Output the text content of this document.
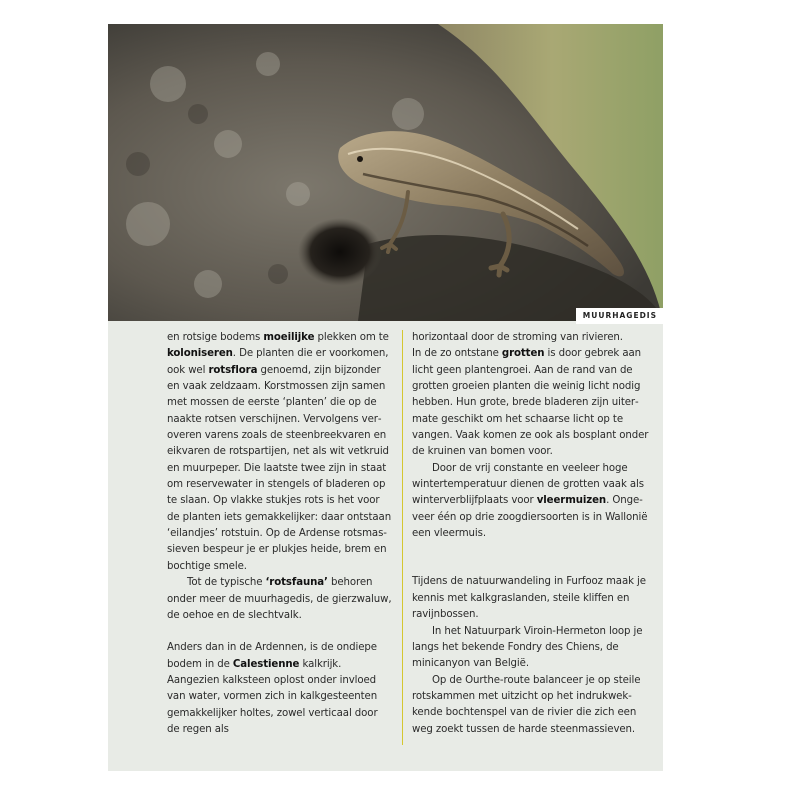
MUURHAGEDIS

en rotsige bodems moeilijke plekken om te koloniseren. De planten die er voorkomen, ook wel rotsflora genoemd, zijn bijzonder en vaak zeldzaam. Korstmossen zijn samen met mossen de eerste ‘planten’ die op de naakte rotsen verschijnen. Vervolgens veroveren varens zoals de steenbreekvaren en eikvaren de rotspartijen, net als wit vetkruid en muurpeper. Die laatste twee zijn in staat om reservewater in stengels of bladeren op te slaan. Op vlakke stukjes rots is het voor de planten iets gemakkelijker: daar ontstaan ‘eilandjes’ rotstuin. Op de Ardense rotsmassieven bespeur je er plukjes heide, brem en bochtige smele.

Tot de typische ‘rotsfauna’ behoren onder meer de muurhagedis, de gierzwaluw, de oehoe en de slechtvalk.

Anders dan in de Ardennen, is de ondiepe bodem in de Calestienne kalkrijk. Aangezien kalksteen oplost onder invloed van water, vormen zich in kalkgesteenten gemakkelijker holtes, zowel verticaal door de regen als

horizontaal door de stroming van rivieren.

In de zo ontstane grotten is door gebrek aan licht geen plantengroei. Aan de rand van de grotten groeien planten die weinig licht nodig hebben. Hun grote, brede bladeren zijn uitermate geschikt om het schaarse licht op te vangen. Vaak komen ze ook als bosplant onder de kruinen van bomen voor.

Door de vrij constante en veeleer hoge wintertemperatuur dienen de grotten vaak als winterverblijfplaats voor vleermuizen. Ongeveer één op drie zoogdiersoorten is in Wallonië een vleermuis.

Tijdens de natuurwandeling in Furfooz maak je kennis met kalkgraslanden, steile kliffen en ravijnbossen.

In het Natuurpark Viroin-Hermeton loop je langs het bekende Fondry des Chiens, de minicanyon van België.

Op de Ourthe-route balanceer je op steile rotskammen met uitzicht op het indrukwekkende bochtenspel van de rivier die zich een weg zoekt tussen de harde steenmassieven.
